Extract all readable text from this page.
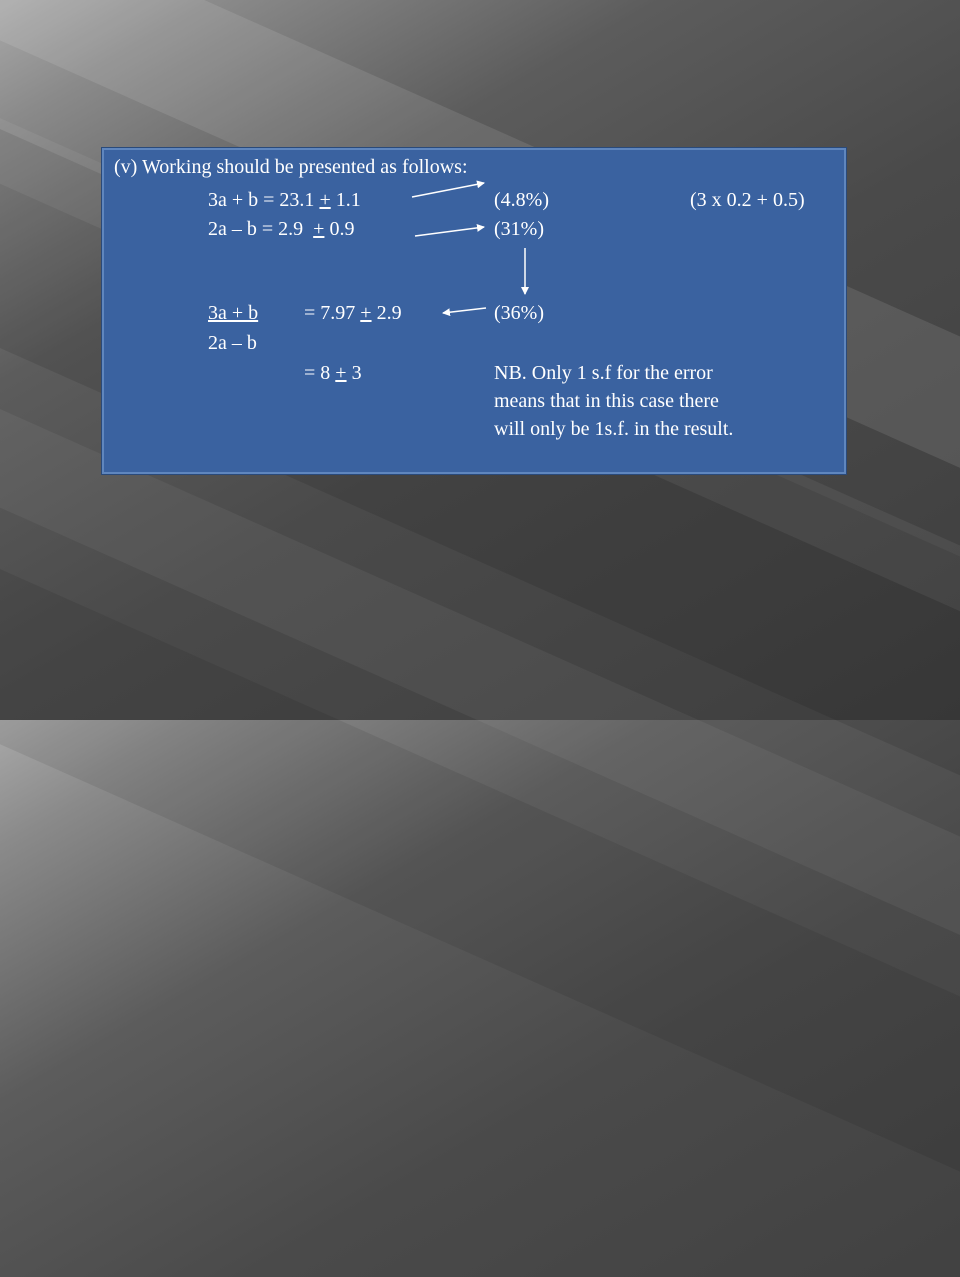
(v) Working should be presented as follows:
3a + b = 23.1 + 1.1	(4.8%)	(3 x 0.2 + 0.5)
2a – b = 2.9  + 0.9	(31%)
3a + b = 7.97 + 2.9	(36%)
2a – b
= 8 + 3	NB. Only 1 s.f for the error
means that in this case there
will only be 1s.f. in the result.
